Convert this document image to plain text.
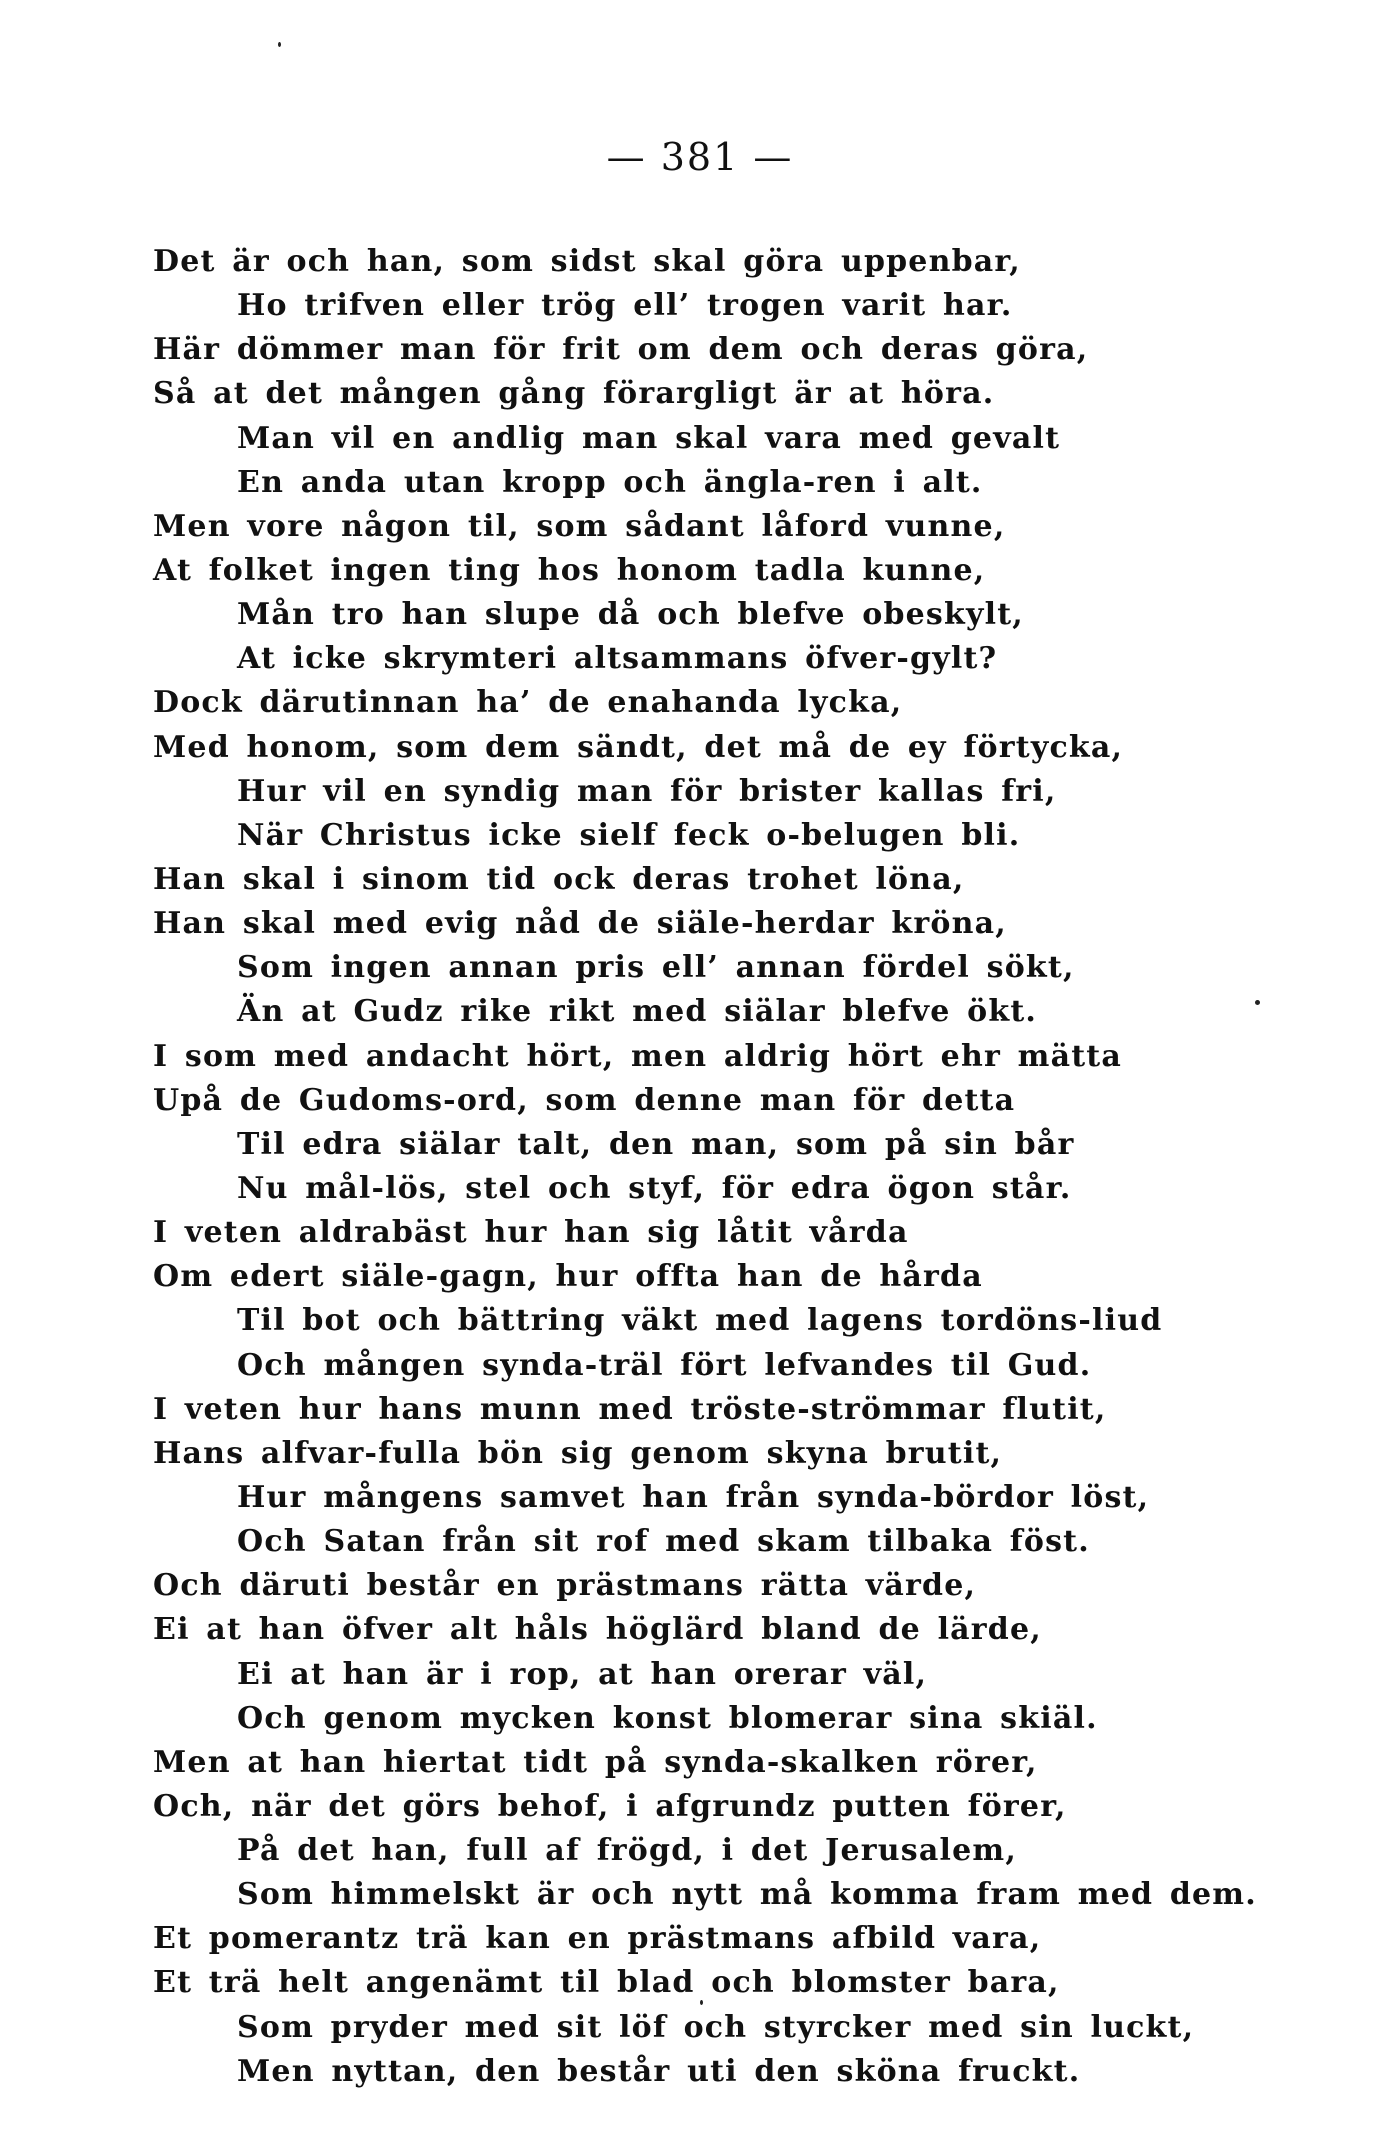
— 381 —
Det är och han, som sidst skal göra uppenbar,
Ho trifven eller trög ell’ trogen varit har.
Här dömmer man för frit om dem och deras göra,
Så at det mången gång förargligt är at höra.
Man vil en andlig man skal vara med gevalt
En anda utan kropp och ängla-ren i alt.
Men vore någon til, som sådant låford vunne,
At folket ingen ting hos honom tadla kunne,
Mån tro han slupe då och blefve obeskylt,
At icke skrymteri altsammans öfver-gylt?
Dock därutinnan ha’ de enahanda lycka,
Med honom, som dem sändt, det må de ey förtycka,
Hur vil en syndig man för brister kallas fri,
När Christus icke sielf feck o-belugen bli.
Han skal i sinom tid ock deras trohet löna,
Han skal med evig nåd de siäle-herdar kröna,
Som ingen annan pris ell’ annan fördel sökt,
Än at Gudz rike rikt med siälar blefve ökt.
I som med andacht hört, men aldrig hört ehr mätta
Upå de Gudoms-ord, som denne man för detta
Til edra siälar talt, den man, som på sin bår
Nu mål-lös, stel och styf, för edra ögon står.
I veten aldrabäst hur han sig låtit vårda
Om edert siäle-gagn, hur offta han de hårda
Til bot och bättring väkt med lagens tordöns-liud
Och mången synda-träl fört lefvandes til Gud.
I veten hur hans munn med tröste-strömmar flutit,
Hans alfvar-fulla bön sig genom skyna brutit,
Hur mångens samvet han från synda-bördor löst,
Och Satan från sit rof med skam tilbaka föst.
Och däruti består en prästmans rätta värde,
Ei at han öfver alt håls höglärd bland de lärde,
Ei at han är i rop, at han orerar väl,
Och genom mycken konst blomerar sina skiäl.
Men at han hiertat tidt på synda-skalken rörer,
Och, när det görs behof, i afgrundz putten förer,
På det han, full af frögd, i det Jerusalem,
Som himmelskt är och nytt må komma fram med dem.
Et pomerantz trä kan en prästmans afbild vara,
Et trä helt angenämt til blad och blomster bara,
Som pryder med sit löf och styrcker med sin luckt,
Men nyttan, den består uti den sköna fruckt.
